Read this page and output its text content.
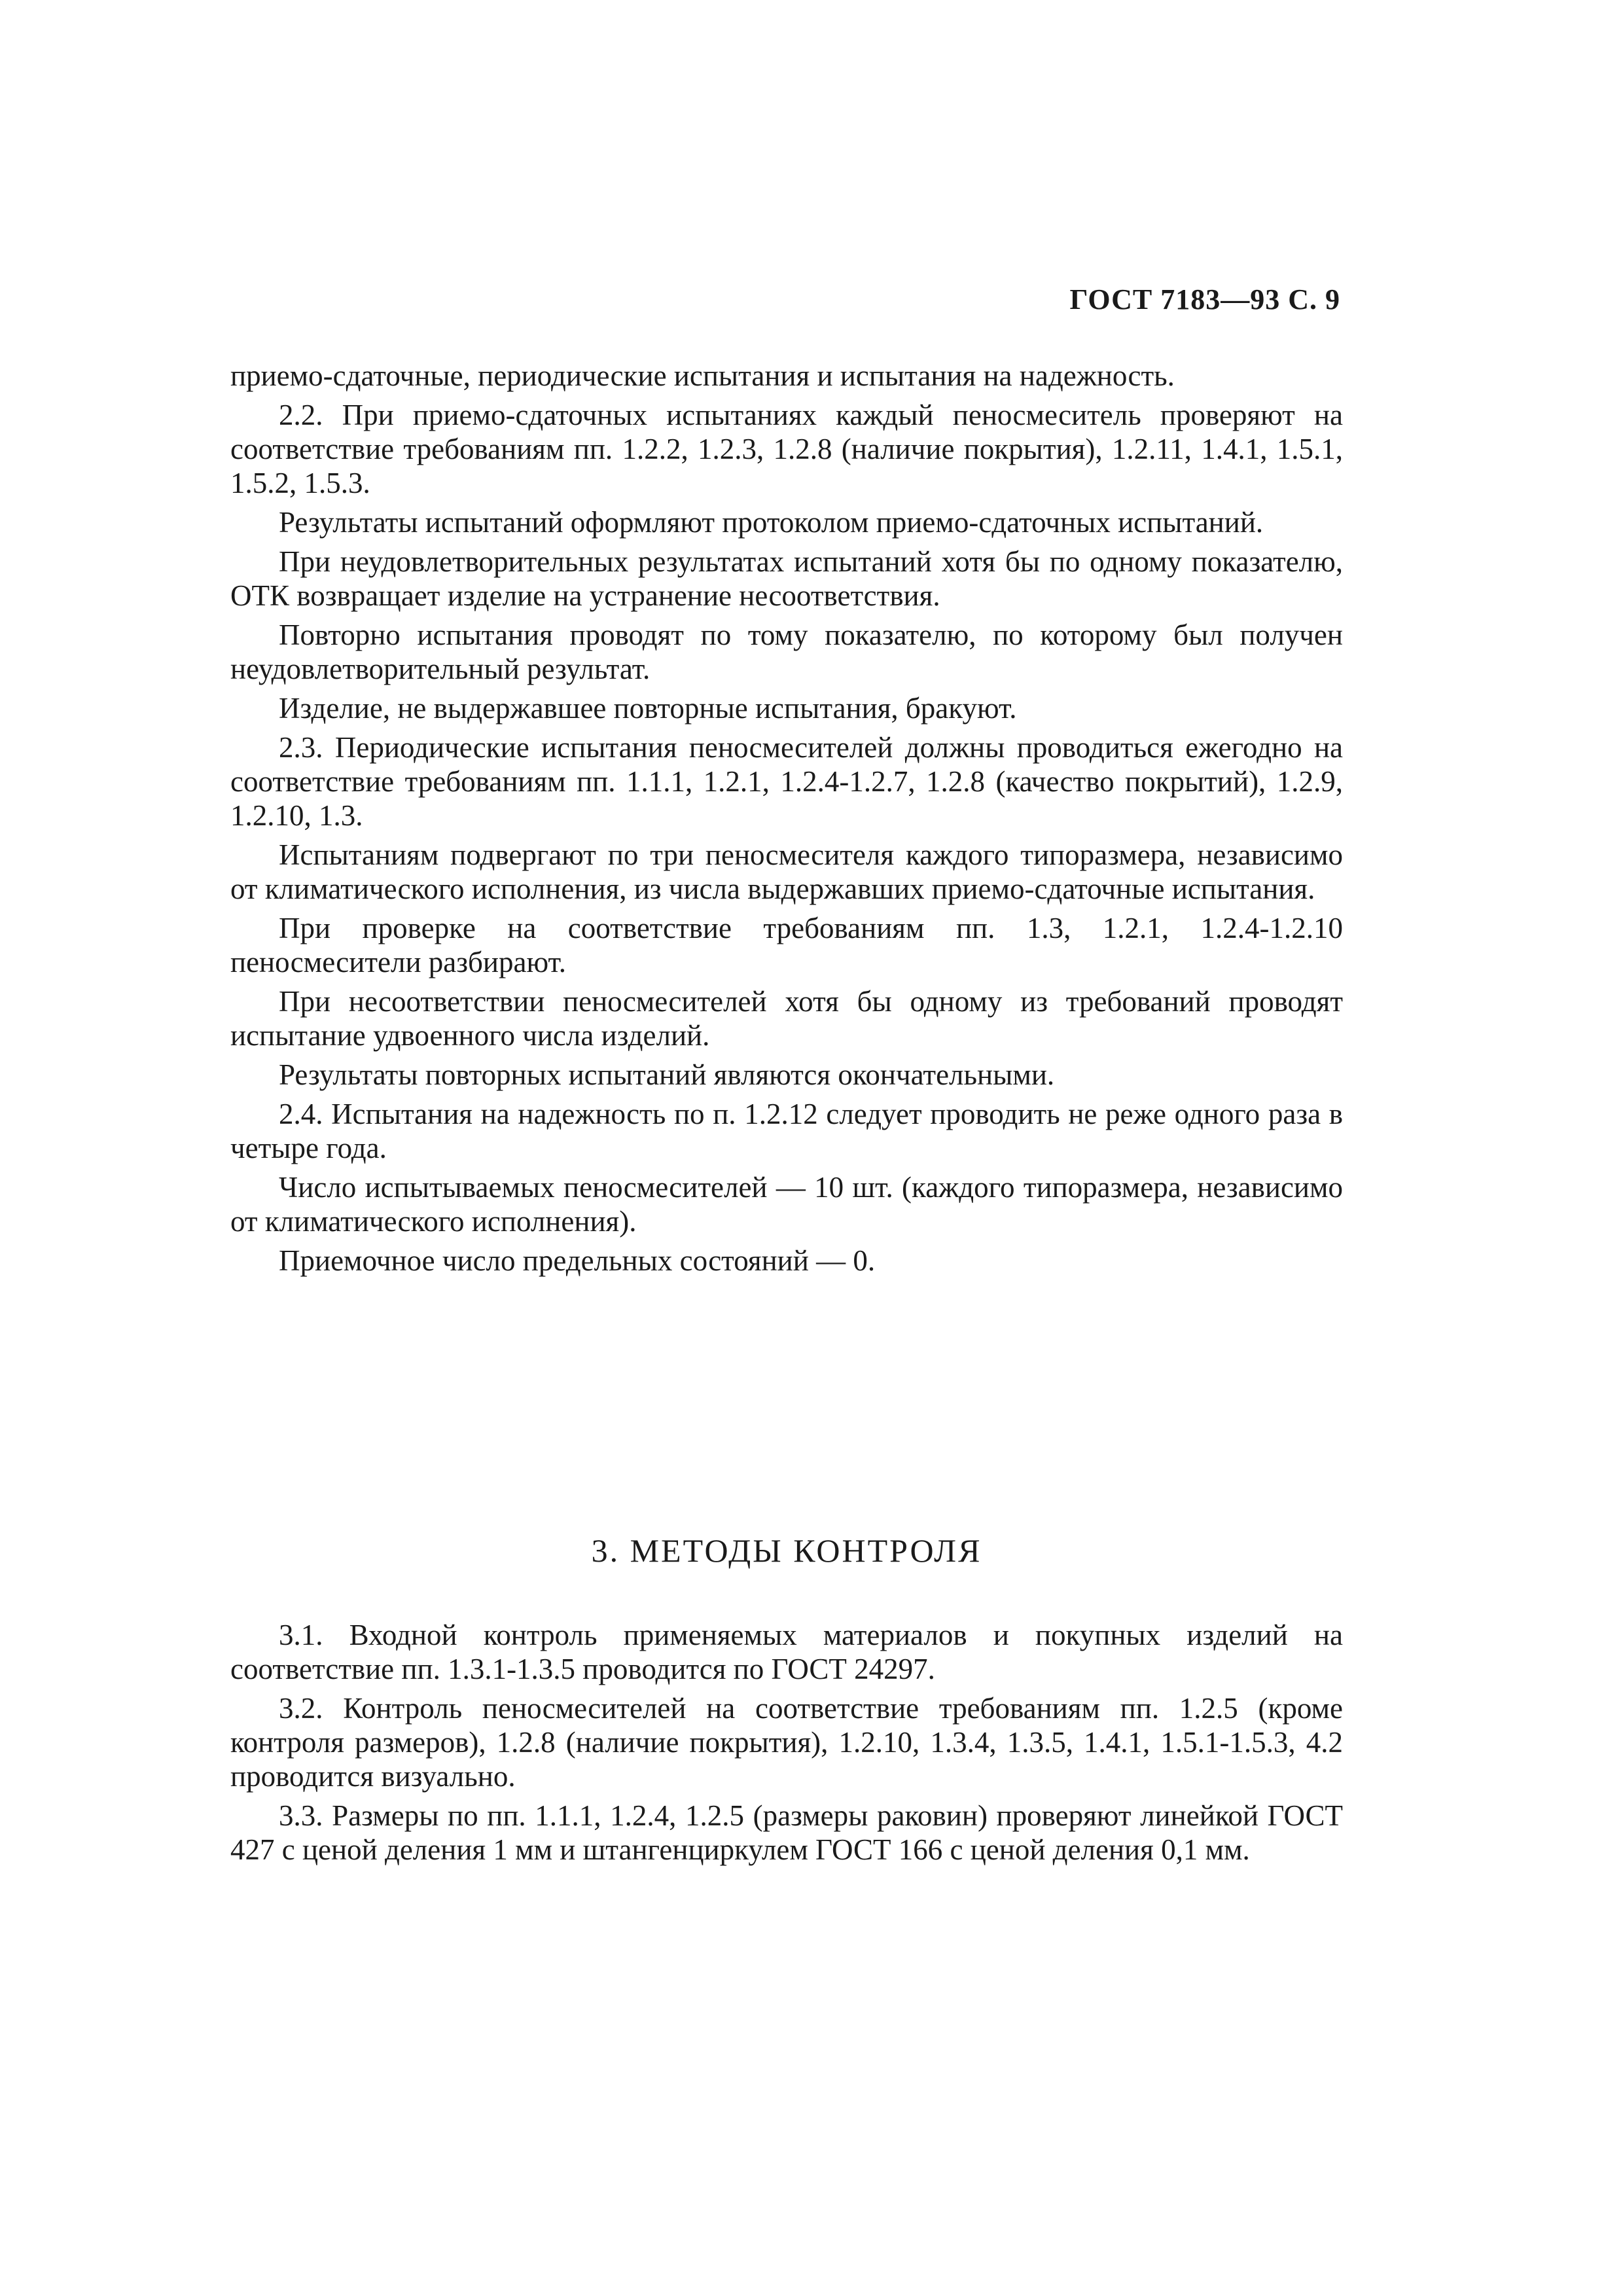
ГОСТ 7183—93 С. 9

приемо-сдаточные, периодические испытания и испытания на надежность.

2.2. При приемо-сдаточных испытаниях каждый пеносмеситель проверяют на соответствие требованиям пп. 1.2.2, 1.2.3, 1.2.8 (наличие покрытия), 1.2.11, 1.4.1, 1.5.1, 1.5.2, 1.5.3.

Результаты испытаний оформляют протоколом приемо-сдаточных испытаний.

При неудовлетворительных результатах испытаний хотя бы по одному показателю, ОТК возвращает изделие на устранение несоответствия.

Повторно испытания проводят по тому показателю, по которому был получен неудовлетворительный результат.

Изделие, не выдержавшее повторные испытания, бракуют.

2.3. Периодические испытания пеносмесителей должны проводиться ежегодно на соответствие требованиям пп. 1.1.1, 1.2.1, 1.2.4-1.2.7, 1.2.8 (качество покрытий), 1.2.9, 1.2.10, 1.3.

Испытаниям подвергают по три пеносмесителя каждого типоразмера, независимо от климатического исполнения, из числа выдержавших приемо-сдаточные испытания.

При проверке на соответствие требованиям пп. 1.3, 1.2.1, 1.2.4-1.2.10 пеносмесители разбирают.

При несоответствии пеносмесителей хотя бы одному из требований проводят испытание удвоенного числа изделий.

Результаты повторных испытаний являются окончательными.

2.4. Испытания на надежность по п. 1.2.12 следует проводить не реже одного раза в четыре года.

Число испытываемых пеносмесителей — 10 шт. (каждого типоразмера, независимо от климатического исполнения).

Приемочное число предельных состояний — 0.

3. МЕТОДЫ КОНТРОЛЯ

3.1. Входной контроль применяемых материалов и покупных изделий на соответствие пп. 1.3.1-1.3.5 проводится по ГОСТ 24297.

3.2. Контроль пеносмесителей на соответствие требованиям пп. 1.2.5 (кроме контроля размеров), 1.2.8 (наличие покрытия), 1.2.10, 1.3.4, 1.3.5, 1.4.1, 1.5.1-1.5.3, 4.2 проводится визуально.

3.3. Размеры по пп. 1.1.1, 1.2.4, 1.2.5 (размеры раковин) проверяют линейкой ГОСТ 427 с ценой деления 1 мм и штангенциркулем ГОСТ 166 с ценой деления 0,1 мм.
